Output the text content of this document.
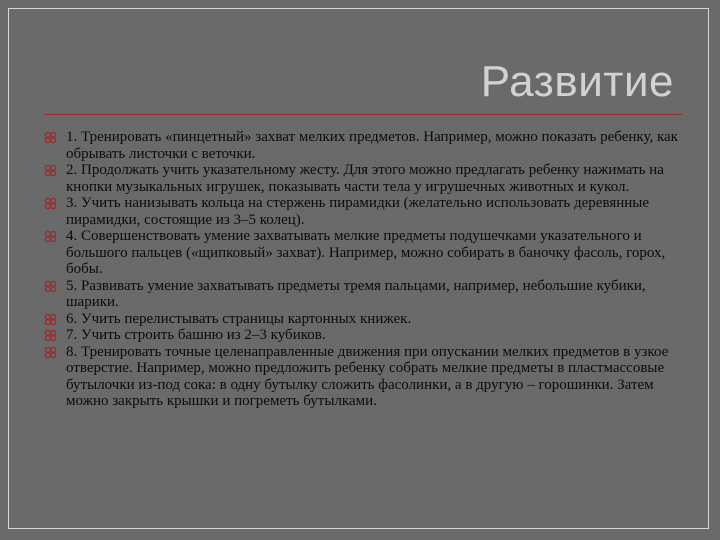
Развитие
1. Тренировать «пинцетный» захват мелких предметов. Например, можно показать ребенку, как обрывать листочки с веточки.
2. Продолжать учить указательному жесту. Для этого можно предлагать ребенку нажимать на кнопки музыкальных игрушек, показывать части тела у игрушечных животных и кукол.
3. Учить нанизывать кольца на стержень пирамидки (желательно использовать деревянные пирамидки, состоящие из 3–5 колец).
4. Совершенствовать умение захватывать мелкие предметы подушечками указательного и большого пальцев («щипковый» захват). Например, можно собирать в баночку фасоль, горох, бобы.
5. Развивать умение захватывать предметы тремя пальцами, например, небольшие кубики, шарики.
6. Учить перелистывать страницы картонных книжек.
7. Учить строить башню из 2–3 кубиков.
8. Тренировать точные целенаправленные движения при опускании мелких предметов в узкое отверстие. Например, можно предложить ребенку собрать мелкие предметы в пластмассовые бутылочки из-под сока: в одну бутылку сложить фасолинки, а в другую – горошинки. Затем можно закрыть крышки и погреметь бутылками.
